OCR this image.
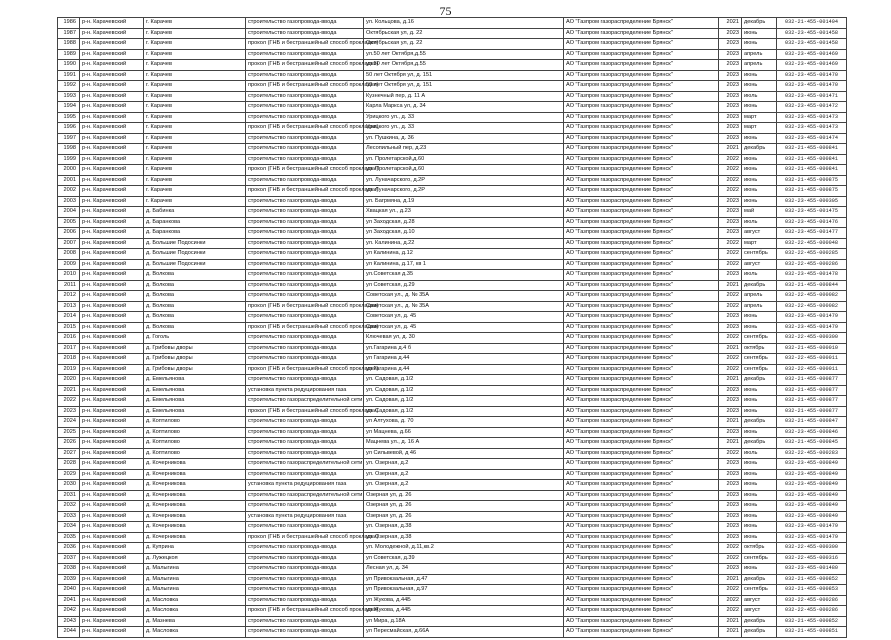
75
1986	р-н. Карачевский	г. Карачев	строительство газопровода-ввода	ул. Кольцова, д.16	АО "Газпром газораспределение Брянск"	2021	декабрь	032-21-455-001404
1987	р-н. Карачевский	г. Карачев	строительство газопровода-ввода	Октябрьская ул, д. 22	АО "Газпром газораспределение Брянск"	2023	июнь	032-23-455-001458
1988	р-н. Карачевский	г. Карачев	прокол (ГНБ и бестраншейный способ прокладки)	Октябрьская ул, д. 22	АО "Газпром газораспределение Брянск"	2023	июнь	032-23-455-001458
1989	р-н. Карачевский	г. Карачев	строительство газопровода-ввода	ул.50 лет Октября,д.55	АО "Газпром газораспределение Брянск"	2023	апрель	032-23-455-001469
1990	р-н. Карачевский	г. Карачев	прокол (ГНБ и бестраншейный способ прокладки)	ул.50 лет Октября,д.55	АО "Газпром газораспределение Брянск"	2023	апрель	032-23-455-001469
1991	р-н. Карачевский	г. Карачев	строительство газопровода-ввода	50 лет Октября ул, д. 151	АО "Газпром газораспределение Брянск"	2023	июнь	032-23-455-001470
1992	р-н. Карачевский	г. Карачев	прокол (ГНБ и бестраншейный способ прокладки)	50 лет Октября ул, д. 151	АО "Газпром газораспределение Брянск"	2023	июнь	032-23-455-001470
1993	р-н. Карачевский	г. Карачев	строительство газопровода-ввода	Кузнечный пер, д. 11 А	АО "Газпром газораспределение Брянск"	2023	июль	032-23-455-001471
1994	р-н. Карачевский	г. Карачев	строительство газопровода-ввода	Карла Маркса ул, д. 34	АО "Газпром газораспределение Брянск"	2023	июнь	032-23-455-001472
1995	р-н. Карачевский	г. Карачев	строительство газопровода-ввода	Урицкого ул., д. 33	АО "Газпром газораспределение Брянск"	2023	март	032-23-455-001473
1996	р-н. Карачевский	г. Карачев	прокол (ГНБ и бестраншейный способ прокладки)	Урицкого ул., д. 33	АО "Газпром газораспределение Брянск"	2023	март	032-23-455-001473
1997	р-н. Карачевский	г. Карачев	строительство газопровода-ввода	ул. Пушкина, д. 36	АО "Газпром газораспределение Брянск"	2023	июнь	032-23-455-001474
1998	р-н. Карачевский	г. Карачев	строительство газопровода-ввода	Лесопильный пер, д.23	АО "Газпром газораспределение Брянск"	2021	декабрь	032-21-455-000841
1999	р-н. Карачевский	г. Карачев	строительство газопровода-ввода	ул. Пролетарской,д.60	АО "Газпром газораспределение Брянск"	2022	июнь	032-21-455-000841
2000	р-н. Карачевский	г. Карачев	прокол (ГНБ и бестраншейный способ прокладки)	ул. Пролетарской,д.60	АО "Газпром газораспределение Брянск"	2022	июнь	032-21-455-000841
2001	р-н. Карачевский	г. Карачев	строительство газопровода-ввода	ул. Луначарского, д.2Р	АО "Газпром газораспределение Брянск"	2022	июнь	032-21-455-000875
2002	р-н. Карачевский	г. Карачев	прокол (ГНБ и бестраншейный способ прокладки)	ул. Луначарского, д.2Р	АО "Газпром газораспределение Брянск"	2022	июнь	032-21-455-000875
2003	р-н. Карачевский	г. Карачев	строительство газопровода-ввода	ул. Багрмяна, д.19	АО "Газпром газораспределение Брянск"	2023	июнь	032-23-455-000305
2004	р-н. Карачевский	д. Бабинка	строительство газопровода-ввода	Хвацкая ул., д.23	АО "Газпром газораспределение Брянск"	2023	май	032-23-455-001475
2005	р-н. Карачевский	д. Баранкова	строительство газопровода-ввода	ул Заходская, д.28	АО "Газпром газораспределение Брянск"	2023	июль	032-23-455-001476
2006	р-н. Карачевский	д. Баранкова	строительство газопровода-ввода	ул Заходская, д.10	АО "Газпром газораспределение Брянск"	2023	август	032-23-455-001477
2007	р-н. Карачевский	д. Большие Подосинки	строительство газопровода-ввода	ул. Калинина, д.22	АО "Газпром газораспределение Брянск"	2022	март	032-22-455-000048
2008	р-н. Карачевский	д. Большие Подосинки	строительство газопровода-ввода	ул Калинина, д.12	АО "Газпром газораспределение Брянск"	2022	сентябрь	032-22-455-000285
2009	р-н. Карачевский	д. Большие Подосинки	строительство газопровода-ввода	ул Калинина, д.17, кв 1	АО "Газпром газораспределение Брянск"	2022	август	032-22-455-000286
2010	р-н. Карачевский	д. Волкова	строительство газопровода-ввода	ул.Советская д.35	АО "Газпром газораспределение Брянск"	2023	июль	032-23-455-001478
2011	р-н. Карачевский	д. Волкова	строительство газопровода-ввода	ул Советская, д.29	АО "Газпром газораспределение Брянск"	2021	декабрь	032-21-455-000844
2012	р-н. Карачевский	д. Волкова	строительство газопровода-ввода	Советская ул., д. № 35А	АО "Газпром газораспределение Брянск"	2022	апрель	032-22-455-000082
2013	р-н. Карачевский	д. Волкова	прокол (ГНБ и бестраншейный способ прокладки)	Советская ул., д. № 35А	АО "Газпром газораспределение Брянск"	2022	апрель	032-22-455-000082
2014	р-н. Карачевский	д. Волкова	строительство газопровода-ввода	Советская ул, д. 45	АО "Газпром газораспределение Брянск"	2023	июнь	032-23-455-001479
2015	р-н. Карачевский	д. Волкова	прокол (ГНБ и бестраншейный способ прокладки)	Советская ул, д. 45	АО "Газпром газораспределение Брянск"	2023	июнь	032-23-455-001479
2016	р-н. Карачевский	д. Гоголь	строительство газопровода-ввода	Ключевая ул, д. 30	АО "Газпром газораспределение Брянск"	2022	сентябрь	032-22-455-000300
2017	р-н. Карачевский	д. Грибовы дворы	строительство газопровода-ввода	ул.Гагарина д.4 б	АО "Газпром газораспределение Брянск"	2021	октябрь	032-21-455-000010
2018	р-н. Карачевский	д. Грибовы дворы	строительство газопровода-ввода	ул Гагарина д.44	АО "Газпром газораспределение Брянск"	2022	сентябрь	032-22-455-000011
2019	р-н. Карачевский	д. Грибовы дворы	прокол (ГНБ и бестраншейный способ прокладки)	ул Гагарина д.44	АО "Газпром газораспределение Брянск"	2022	сентябрь	032-22-455-000011
2020	р-н. Карачевский	д. Емельянова	строительство газопровода-ввода	ул. Садовая, д.1/2	АО "Газпром газораспределение Брянск"	2021	декабрь	032-21-455-000877
2021	р-н. Карачевский	д. Емельянова	установка пункта редуцирования газа	ул. Садовая, д.1/2	АО "Газпром газораспределение Брянск"	2023	июнь	032-21-455-000877
2022	р-н. Карачевский	д. Емельянова	строительство газораспределительной сети	ул. Садовая, д.1/2	АО "Газпром газораспределение Брянск"	2023	июнь	032-21-455-000877
2023	р-н. Карачевский	д. Емельянова	прокол (ГНБ и бестраншейный способ прокладки)	ул. Садовая, д.1/2	АО "Газпром газораспределение Брянск"	2023	июнь	032-21-455-000877
2024	р-н. Карачевский	д. Коптилово	строительство газопровода-ввода	ул Алтухова, д. 70	АО "Газпром газораспределение Брянск"	2021	декабрь	032-21-455-000847
2025	р-н. Карачевский	д. Коптилово	строительство газопровода-ввода	ул Мацнева, д.66	АО "Газпром газораспределение Брянск"	2023	июнь	032-23-455-000846
2026	р-н. Карачевский	д. Коптилово	строительство газопровода-ввода	Мацнева ул., д. 16 А	АО "Газпром газораспределение Брянск"	2021	декабрь	032-21-455-000845
2027	р-н. Карачевский	д. Коптилово	строительство газопровода-ввода	ул Сильвевой, д 46	АО "Газпром газораспределение Брянск"	2022	июль	032-22-455-000283
2028	р-н. Карачевский	д. Кочерникова	строительство газораспределительной сети	ул. Озерная, д.2	АО "Газпром газораспределение Брянск"	2023	июнь	032-23-455-000849
2029	р-н. Карачевский	д. Кочерникова	строительство газопровода-ввода	ул. Озерная, д.2	АО "Газпром газораспределение Брянск"	2023	июнь	032-23-455-000849
2030	р-н. Карачевский	д. Кочерникова	установка пункта редуцирования газа	ул. Озерная, д.2	АО "Газпром газораспределение Брянск"	2023	июнь	032-23-455-000849
2031	р-н. Карачевский	д. Кочерникова	строительство газораспределительной сети	Озерная ул, д. 26	АО "Газпром газораспределение Брянск"	2023	июнь	032-23-455-000849
2032	р-н. Карачевский	д. Кочерникова	строительство газопровода-ввода	Озерная ул, д. 26	АО "Газпром газораспределение Брянск"	2023	июнь	032-23-455-000849
2033	р-н. Карачевский	д. Кочерникова	установка пункта редуцирования газа	Озерная ул, д. 26	АО "Газпром газораспределение Брянск"	2023	июнь	032-23-455-000849
2034	р-н. Карачевский	д. Кочерникова	строительство газопровода-ввода	ул. Озерная, д.38	АО "Газпром газораспределение Брянск"	2023	июнь	032-23-455-001479
2035	р-н. Карачевский	д. Кочерникова	прокол (ГНБ и бестраншейный способ прокладки)	ул. Озерная, д.38	АО "Газпром газораспределение Брянск"	2023	июнь	032-23-455-001479
2036	р-н. Карачевский	д. Куприна	строительство газопровода-ввода	ул. Молодежной, д.11,кв.2	АО "Газпром газораспределение Брянск"	2022	октябрь	032-22-455-000300
2037	р-н. Карачевский	д. Лужецкоя	строительство газопровода-ввода	ул Советская, д.39	АО "Газпром газораспределение Брянск"	2022	сентябрь	032-22-455-000316
2038	р-н. Карачевский	д. Малыгина	строительство газопровода-ввода	Лесная ул, д. 34	АО "Газпром газораспределение Брянск"	2023	июнь	032-23-455-001480
2039	р-н. Карачевский	д. Малыгина	строительство газопровода-ввода	ул Привокзальная, д.47	АО "Газпром газораспределение Брянск"	2021	декабрь	032-21-455-000852
2040	р-н. Карачевский	д. Малыгина	строительство газопровода-ввода	ул Привокзальная, д.97	АО "Газпром газораспределение Брянск"	2022	сентябрь	032-21-455-000853
2041	р-н. Карачевский	д. Масловка	строительство газопровода-ввода	ул Жукова, д.44Б	АО "Газпром газораспределение Брянск"	2022	август	032-22-455-000286
2042	р-н. Карачевский	д. Масловка	прокол (ГНБ и бестраншейный способ прокладки)	ул Жукова, д.44Б	АО "Газпром газораспределение Брянск"	2022	август	032-22-455-000286
2043	р-н. Карачевский	д. Мазнева	строительство газопровода-ввода	ул Мира, д.18А	АО "Газпром газораспределение Брянск"	2021	декабрь	032-21-455-000852
2044	р-н. Карачевский	д. Масловка	строительство газопровода-ввода	ул Пересмайская, д.66А	АО "Газпром газораспределение Брянск"	2021	декабрь	032-21-455-000851
